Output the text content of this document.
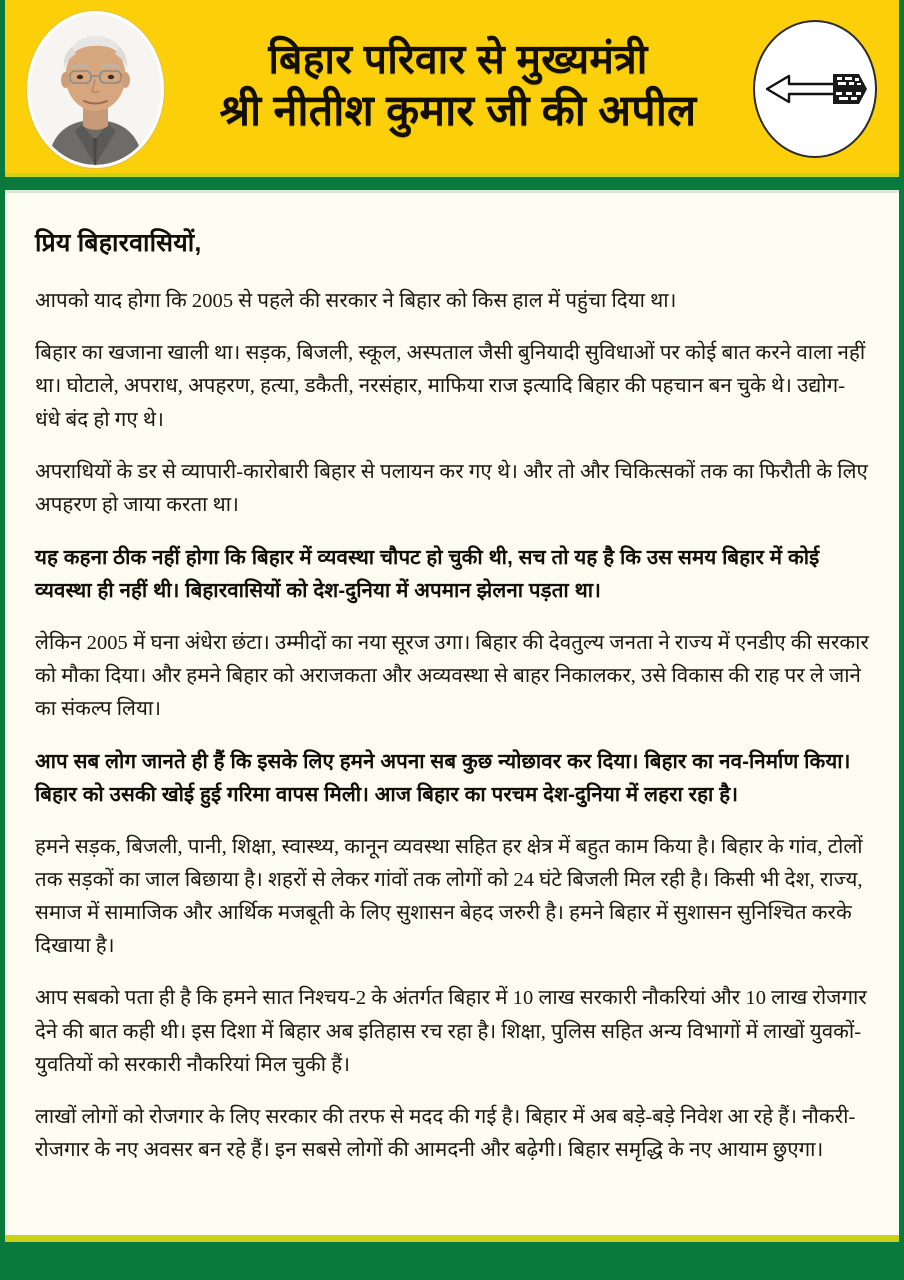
बिहार परिवार से मुख्यमंत्री
श्री नीतीश कुमार जी की अपील
प्रिय बिहारवासियों,
आपको याद होगा कि 2005 से पहले की सरकार ने बिहार को किस हाल में पहुंचा दिया था।
बिहार का खजाना खाली था। सड़क, बिजली, स्कूल, अस्पताल जैसी बुनियादी सुविधाओं पर कोई बात करने वाला नहीं था। घोटाले, अपराध, अपहरण, हत्या, डकैती, नरसंहार, माफिया राज इत्यादि बिहार की पहचान बन चुके थे। उद्योग-धंधे बंद हो गए थे।
अपराधियों के डर से व्यापारी-कारोबारी बिहार से पलायन कर गए थे। और तो और चिकित्सकों तक का फिरौती के लिए अपहरण हो जाया करता था।
यह कहना ठीक नहीं होगा कि बिहार में व्यवस्था चौपट हो चुकी थी, सच तो यह है कि उस समय बिहार में कोई व्यवस्था ही नहीं थी। बिहारवासियों को देश-दुनिया में अपमान झेलना पड़ता था।
लेकिन 2005 में घना अंधेरा छंटा। उम्मीदों का नया सूरज उगा। बिहार की देवतुल्य जनता ने राज्य में एनडीए की सरकार को मौका दिया। और हमने बिहार को अराजकता और अव्यवस्था से बाहर निकालकर, उसे विकास की राह पर ले जाने का संकल्प लिया।
आप सब लोग जानते ही हैं कि इसके लिए हमने अपना सब कुछ न्योछावर कर दिया। बिहार का नव-निर्माण किया। बिहार को उसकी खोई हुई गरिमा वापस मिली। आज बिहार का परचम देश-दुनिया में लहरा रहा है।
हमने सड़क, बिजली, पानी, शिक्षा, स्वास्थ्य, कानून व्यवस्था सहित हर क्षेत्र में बहुत काम किया है। बिहार के गांव, टोलों तक सड़कों का जाल बिछाया है। शहरों से लेकर गांवों तक लोगों को 24 घंटे बिजली मिल रही है। किसी भी देश, राज्य, समाज में सामाजिक और आर्थिक मजबूती के लिए सुशासन बेहद जरुरी है। हमने बिहार में सुशासन सुनिश्चित करके दिखाया है।
आप सबको पता ही है कि हमने सात निश्चय-2 के अंतर्गत बिहार में 10 लाख सरकारी नौकरियां और 10 लाख रोजगार देने की बात कही थी। इस दिशा में बिहार अब इतिहास रच रहा है। शिक्षा, पुलिस सहित अन्य विभागों में लाखों युवकों-युवतियों को सरकारी नौकरियां मिल चुकी हैं।
लाखों लोगों को रोजगार के लिए सरकार की तरफ से मदद की गई है। बिहार में अब बड़े-बड़े निवेश आ रहे हैं। नौकरी-रोजगार के नए अवसर बन रहे हैं। इन सबसे लोगों की आमदनी और बढ़ेगी। बिहार समृद्धि के नए आयाम छुएगा।
